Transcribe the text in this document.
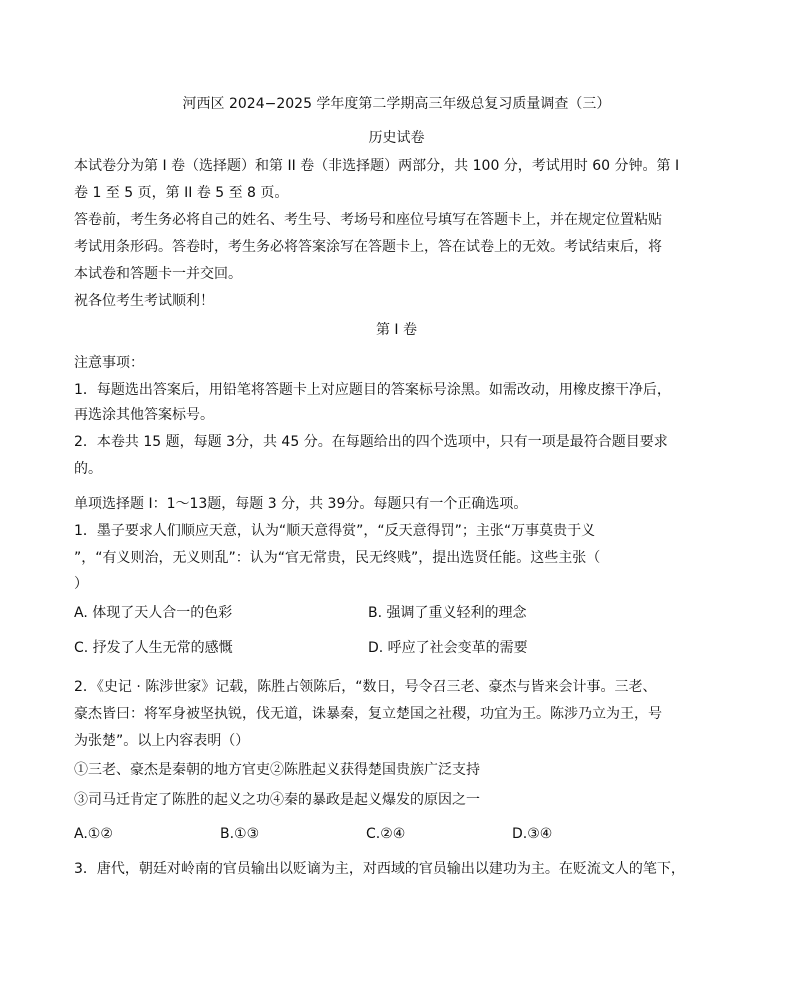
河西区 2024−2025 学年度第二学期高三年级总复习质量调查（三）
历史试卷
本试卷分为第 I 卷（选择题）和第 II 卷（非选择题）两部分，共 100 分，考试用时 60 分钟。第 I
卷 1 至 5 页，第 II 卷 5 至 8 页。
答卷前，考生务必将自己的姓名、考生号、考场号和座位号填写在答题卡上，并在规定位置粘贴
考试用条形码。答卷时，考生务必将答案涂写在答题卡上，答在试卷上的无效。考试结束后，将
本试卷和答题卡一并交回。
祝各位考生考试顺利！
第 I 卷
注意事项：
1．每题选出答案后，用铅笔将答题卡上对应题目的答案标号涂黑。如需改动，用橡皮擦干净后，
再选涂其他答案标号。
2．本卷共 15 题，每题 3分，共 45 分。在每题给出的四个选项中，只有一项是最符合题目要求
的。
单项选择题 I：1～13题，每题 3 分，共 39分。每题只有一个正确选项。
1．墨子要求人们顺应天意，认为“顺天意得赏”，“反天意得罚”；主张“万事莫贵于义
”，“有义则治，无义则乱”：认为“官无常贵，民无终贱”，提出选贤任能。这些主张（
）
A. 体现了天人合一的色彩	B. 强调了重义轻利的理念
C. 抒发了人生无常的感慨	D. 呼应了社会变革的需要
2．《史记 · 陈涉世家》记载，陈胜占领陈后，“数日，号令召三老、豪杰与皆来会计事。三老、
豪杰皆曰：将军身被坚执锐，伐无道，诛暴秦，复立楚国之社稷，功宜为王。陈涉乃立为王，号
为张楚”。以上内容表明（）
①三老、豪杰是秦朝的地方官吏②陈胜起义获得楚国贵族广泛支持
③司马迁肯定了陈胜的起义之功④秦的暴政是起义爆发的原因之一
A.①②	B.①③	C.②④	D.③④
3．唐代，朝廷对岭南的官员输出以贬谪为主，对西域的官员输出以建功为主。在贬流文人的笔下，
